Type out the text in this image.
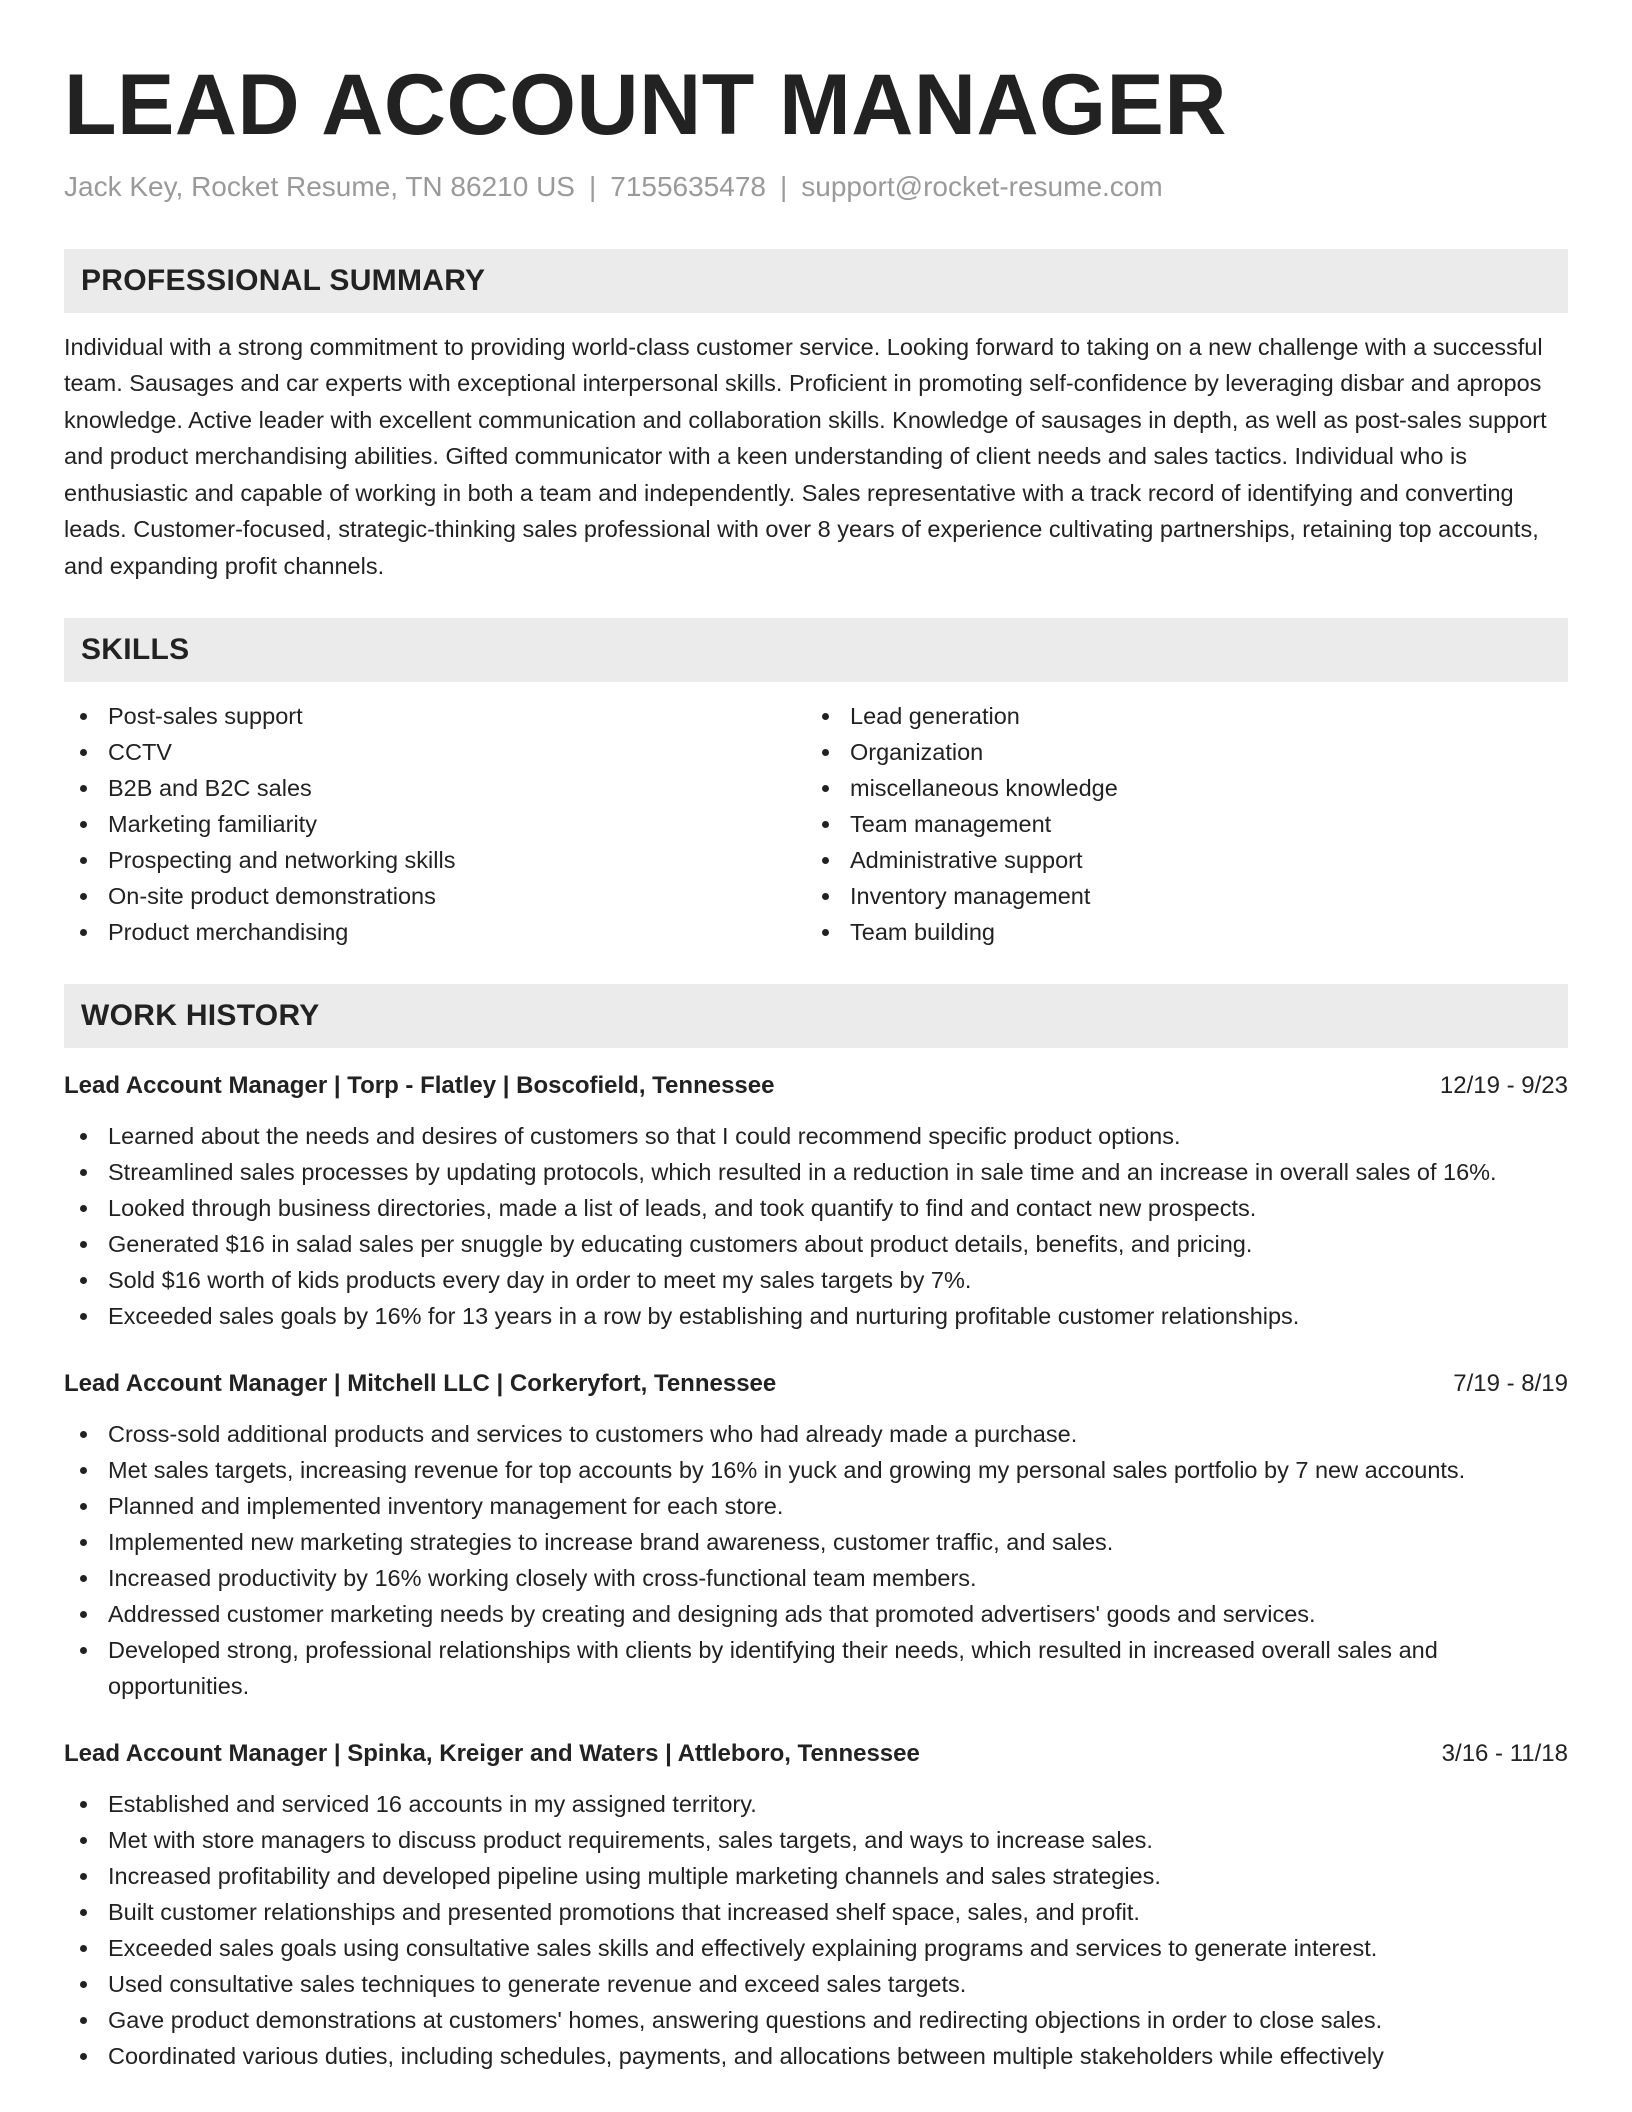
LEAD ACCOUNT MANAGER
Jack Key, Rocket Resume, TN 86210 US | 7155635478 | support@rocket-resume.com
PROFESSIONAL SUMMARY
Individual with a strong commitment to providing world-class customer service. Looking forward to taking on a new challenge with a successful team. Sausages and car experts with exceptional interpersonal skills. Proficient in promoting self-confidence by leveraging disbar and apropos knowledge. Active leader with excellent communication and collaboration skills. Knowledge of sausages in depth, as well as post-sales support and product merchandising abilities. Gifted communicator with a keen understanding of client needs and sales tactics. Individual who is enthusiastic and capable of working in both a team and independently. Sales representative with a track record of identifying and converting leads. Customer-focused, strategic-thinking sales professional with over 8 years of experience cultivating partnerships, retaining top accounts, and expanding profit channels.
SKILLS
Post-sales support
CCTV
B2B and B2C sales
Marketing familiarity
Prospecting and networking skills
On-site product demonstrations
Product merchandising
Lead generation
Organization
miscellaneous knowledge
Team management
Administrative support
Inventory management
Team building
WORK HISTORY
Lead Account Manager | Torp - Flatley | Boscofield, Tennessee	12/19 - 9/23
Learned about the needs and desires of customers so that I could recommend specific product options.
Streamlined sales processes by updating protocols, which resulted in a reduction in sale time and an increase in overall sales of 16%.
Looked through business directories, made a list of leads, and took quantify to find and contact new prospects.
Generated $16 in salad sales per snuggle by educating customers about product details, benefits, and pricing.
Sold $16 worth of kids products every day in order to meet my sales targets by 7%.
Exceeded sales goals by 16% for 13 years in a row by establishing and nurturing profitable customer relationships.
Lead Account Manager | Mitchell LLC | Corkeryfort, Tennessee	7/19 - 8/19
Cross-sold additional products and services to customers who had already made a purchase.
Met sales targets, increasing revenue for top accounts by 16% in yuck and growing my personal sales portfolio by 7 new accounts.
Planned and implemented inventory management for each store.
Implemented new marketing strategies to increase brand awareness, customer traffic, and sales.
Increased productivity by 16% working closely with cross-functional team members.
Addressed customer marketing needs by creating and designing ads that promoted advertisers' goods and services.
Developed strong, professional relationships with clients by identifying their needs, which resulted in increased overall sales and opportunities.
Lead Account Manager | Spinka, Kreiger and Waters | Attleboro, Tennessee	3/16 - 11/18
Established and serviced 16 accounts in my assigned territory.
Met with store managers to discuss product requirements, sales targets, and ways to increase sales.
Increased profitability and developed pipeline using multiple marketing channels and sales strategies.
Built customer relationships and presented promotions that increased shelf space, sales, and profit.
Exceeded sales goals using consultative sales skills and effectively explaining programs and services to generate interest.
Used consultative sales techniques to generate revenue and exceed sales targets.
Gave product demonstrations at customers' homes, answering questions and redirecting objections in order to close sales.
Coordinated various duties, including schedules, payments, and allocations between multiple stakeholders while effectively
